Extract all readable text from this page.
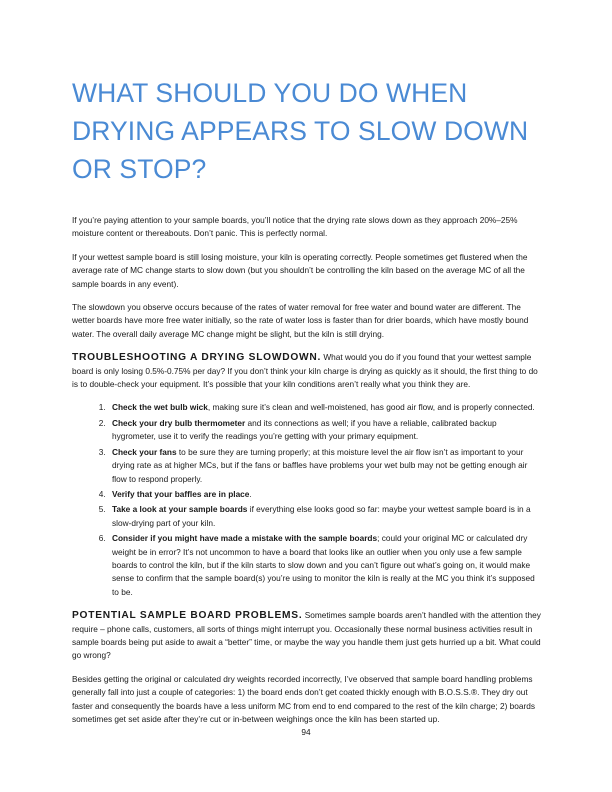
WHAT SHOULD YOU DO WHEN DRYING APPEARS TO SLOW DOWN OR STOP?

If you’re paying attention to your sample boards, you’ll notice that the drying rate slows down as they approach 20%–25% moisture content or thereabouts. Don’t panic. This is perfectly normal.

If your wettest sample board is still losing moisture, your kiln is operating correctly. People sometimes get flustered when the average rate of MC change starts to slow down (but you shouldn’t be controlling the kiln based on the average MC of all the sample boards in any event).

The slowdown you observe occurs because of the rates of water removal for free water and bound water are different. The wetter boards have more free water initially, so the rate of water loss is faster than for drier boards, which have mostly bound water. The overall daily average MC change might be slight, but the kiln is still drying.

TROUBLESHOOTING A DRYING SLOWDOWN. What would you do if you found that your wettest sample board is only losing 0.5%-0.75% per day? If you don’t think your kiln charge is drying as quickly as it should, the first thing to do is to double-check your equipment. It’s possible that your kiln conditions aren’t really what you think they are.

1. Check the wet bulb wick, making sure it’s clean and well-moistened, has good air flow, and is properly connected.
2. Check your dry bulb thermometer and its connections as well; if you have a reliable, calibrated backup hygrometer, use it to verify the readings you’re getting with your primary equipment.
3. Check your fans to be sure they are turning properly; at this moisture level the air flow isn’t as important to your drying rate as at higher MCs, but if the fans or baffles have problems your wet bulb may not be getting enough air flow to respond properly.
4. Verify that your baffles are in place.
5. Take a look at your sample boards if everything else looks good so far: maybe your wettest sample board is in a slow-drying part of your kiln.
6. Consider if you might have made a mistake with the sample boards; could your original MC or calculated dry weight be in error? It’s not uncommon to have a board that looks like an outlier when you only use a few sample boards to control the kiln, but if the kiln starts to slow down and you can’t figure out what’s going on, it would make sense to confirm that the sample board(s) you’re using to monitor the kiln is really at the MC you think it’s supposed to be.

POTENTIAL SAMPLE BOARD PROBLEMS. Sometimes sample boards aren’t handled with the attention they require – phone calls, customers, all sorts of things might interrupt you. Occasionally these normal business activities result in sample boards being put aside to await a “better” time, or maybe the way you handle them just gets hurried up a bit. What could go wrong?

Besides getting the original or calculated dry weights recorded incorrectly, I’ve observed that sample board handling problems generally fall into just a couple of categories: 1) the board ends don’t get coated thickly enough with B.O.S.S.®. They dry out faster and consequently the boards have a less uniform MC from end to end compared to the rest of the kiln charge; 2) boards sometimes get set aside after they’re cut or in-between weighings once the kiln has been started up.

94
